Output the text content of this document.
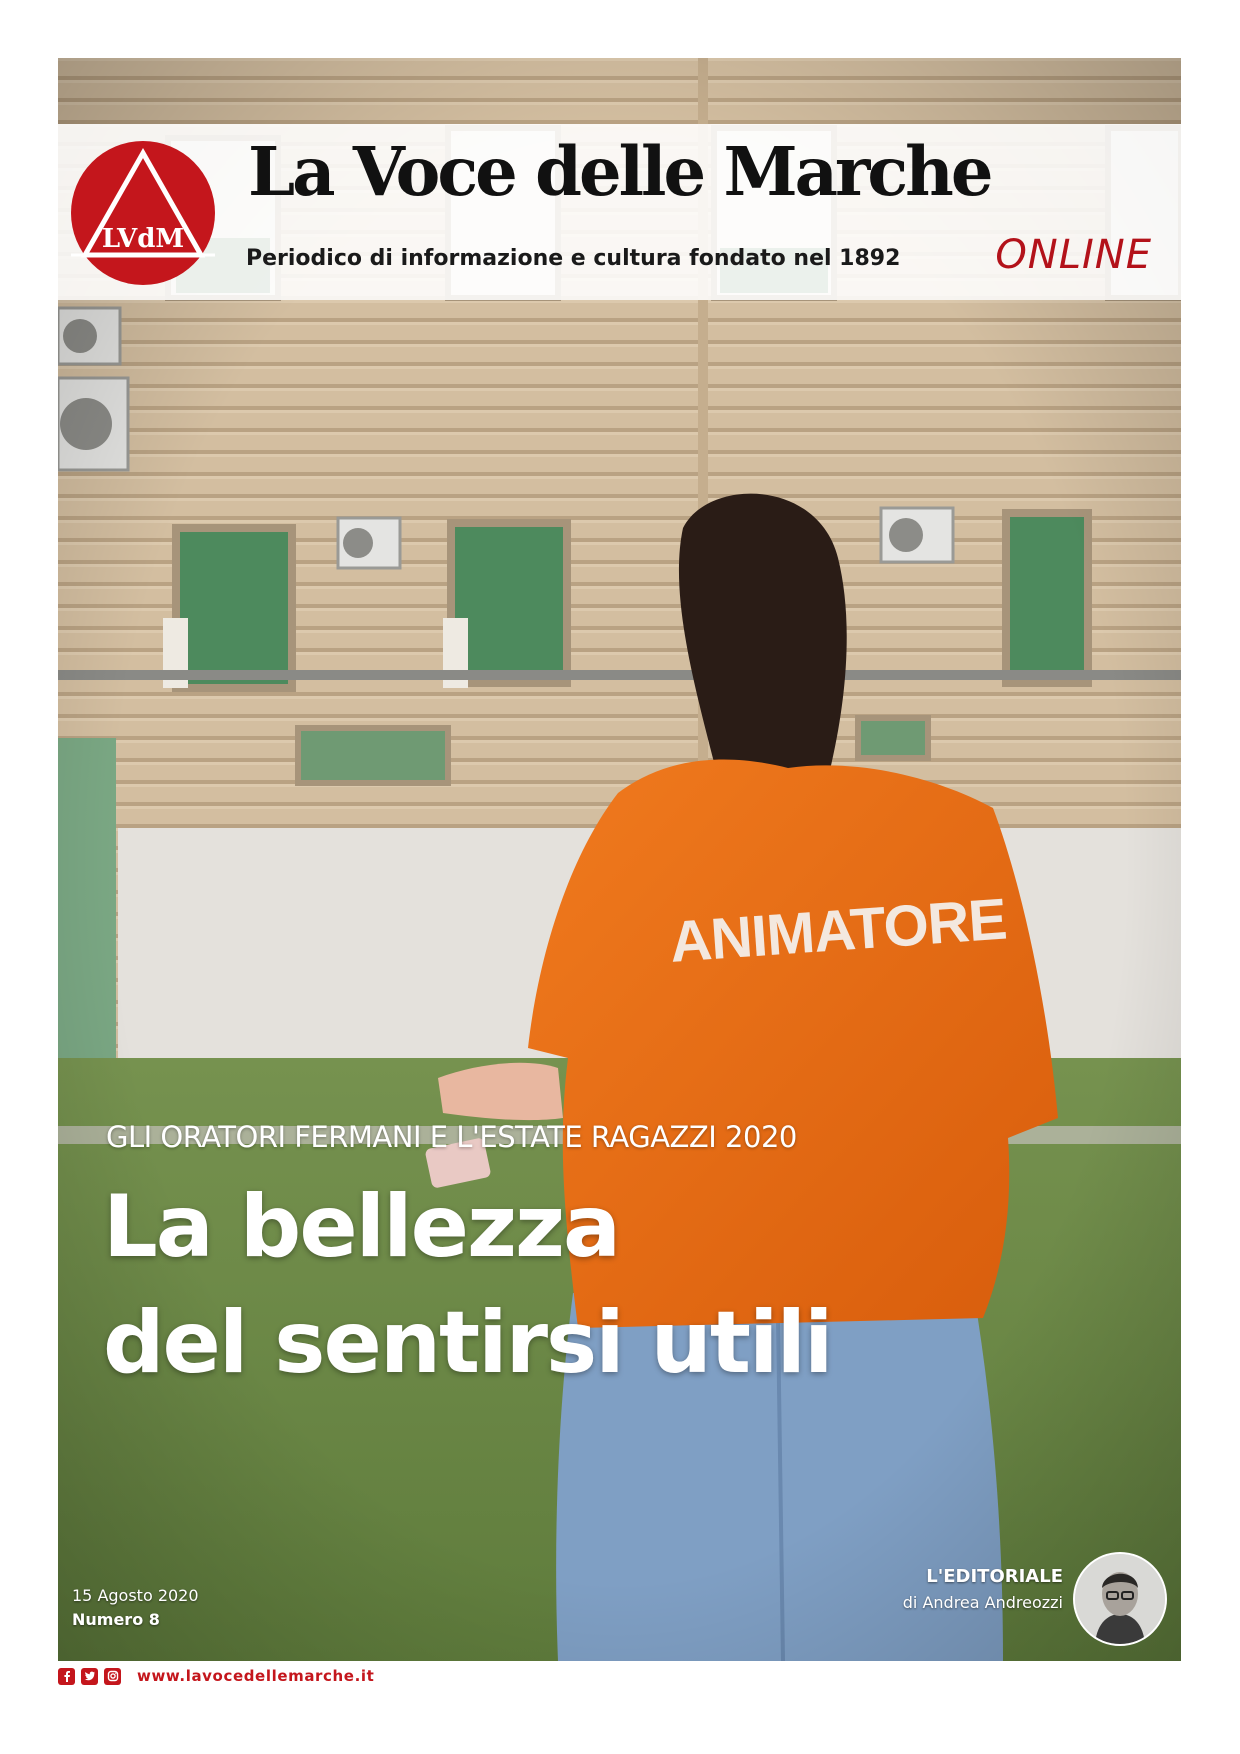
LVdM
La Voce delle Marche
Periodico di informazione e cultura fondato nel 1892 ONLINE
GLI ORATORI FERMANI E L'ESTATE RAGAZZI 2020
La bellezza
del sentirsi utili
15 Agosto 2020
Numero 8
L'EDITORIALE
di Andrea Andreozzi
www.lavocedellemarche.it
